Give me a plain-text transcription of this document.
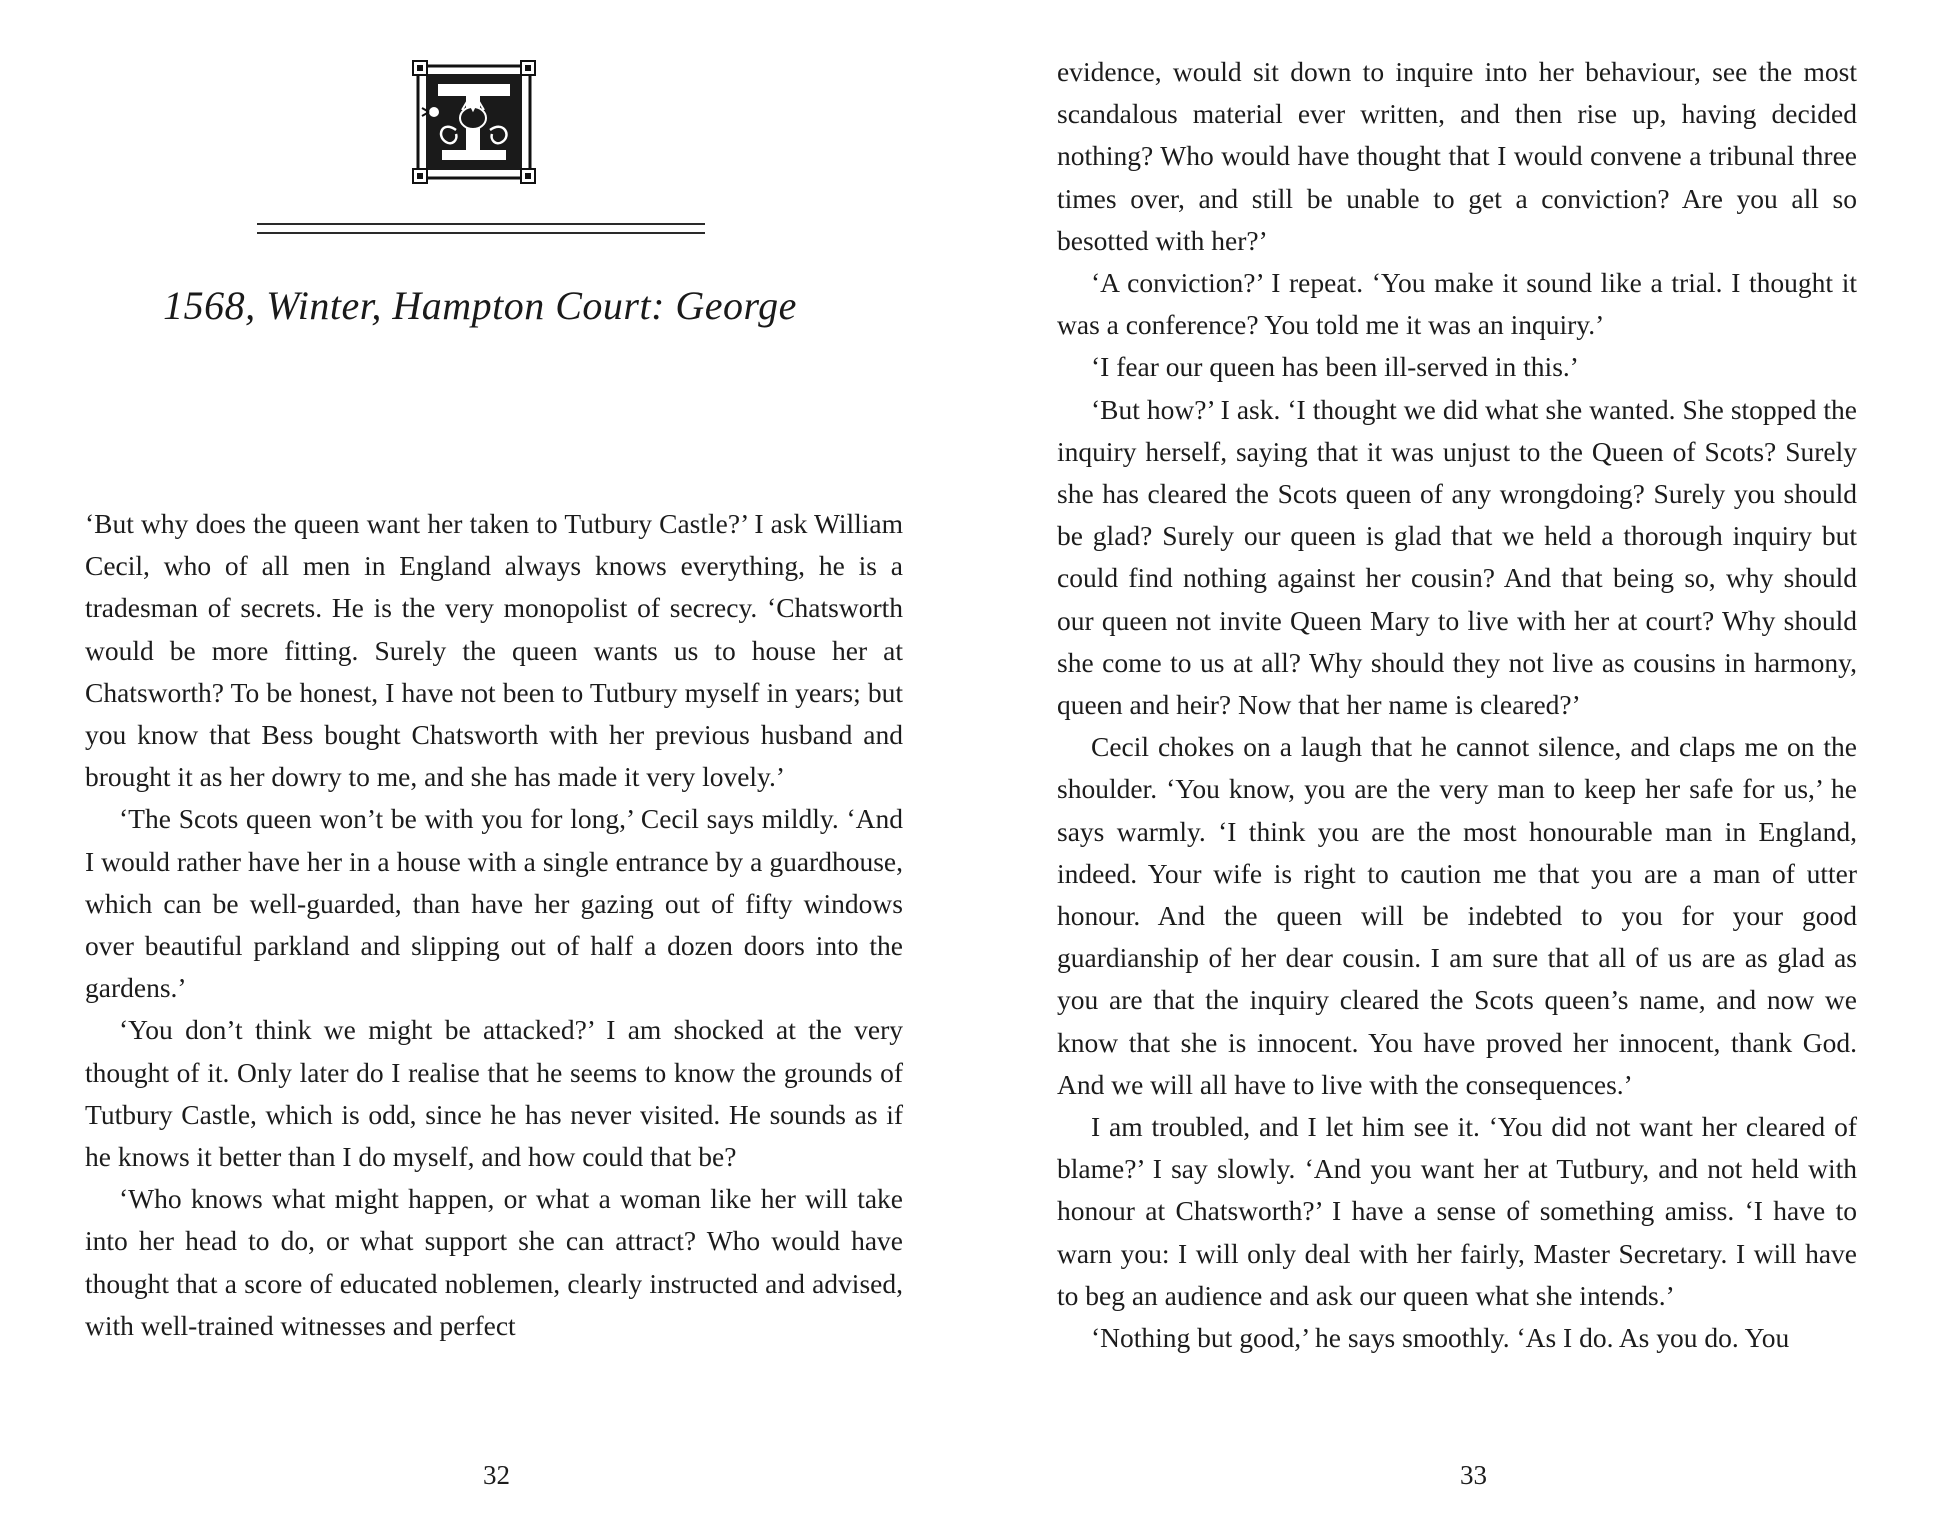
1568, Winter, Hampton Court: George

‘But why does the queen want her taken to Tutbury Castle?’ I ask William Cecil, who of all men in England always knows everything, he is a tradesman of secrets. He is the very monopolist of secrecy. ‘Chatsworth would be more fitting. Surely the queen wants us to house her at Chatsworth? To be honest, I have not been to Tutbury myself in years; but you know that Bess bought Chatsworth with her previous husband and brought it as her dowry to me, and she has made it very lovely.’

‘The Scots queen won’t be with you for long,’ Cecil says mildly. ‘And I would rather have her in a house with a single entrance by a guardhouse, which can be well-guarded, than have her gazing out of fifty windows over beautiful parkland and slipping out of half a dozen doors into the gardens.’

‘You don’t think we might be attacked?’ I am shocked at the very thought of it. Only later do I realise that he seems to know the grounds of Tutbury Castle, which is odd, since he has never visited. He sounds as if he knows it better than I do myself, and how could that be?

‘Who knows what might happen, or what a woman like her will take into her head to do, or what support she can attract? Who would have thought that a score of educated noblemen, clearly instructed and advised, with well-trained witnesses and perfect

32

evidence, would sit down to inquire into her behaviour, see the most scandalous material ever written, and then rise up, having decided nothing? Who would have thought that I would convene a tribunal three times over, and still be unable to get a conviction? Are you all so besotted with her?’

‘A conviction?’ I repeat. ‘You make it sound like a trial. I thought it was a conference? You told me it was an inquiry.’

‘I fear our queen has been ill-served in this.’

‘But how?’ I ask. ‘I thought we did what she wanted. She stopped the inquiry herself, saying that it was unjust to the Queen of Scots? Surely she has cleared the Scots queen of any wrongdoing? Surely you should be glad? Surely our queen is glad that we held a thorough inquiry but could find nothing against her cousin? And that being so, why should our queen not invite Queen Mary to live with her at court? Why should she come to us at all? Why should they not live as cousins in harmony, queen and heir? Now that her name is cleared?’

Cecil chokes on a laugh that he cannot silence, and claps me on the shoulder. ‘You know, you are the very man to keep her safe for us,’ he says warmly. ‘I think you are the most honourable man in England, indeed. Your wife is right to caution me that you are a man of utter honour. And the queen will be indebted to you for your good guardianship of her dear cousin. I am sure that all of us are as glad as you are that the inquiry cleared the Scots queen’s name, and now we know that she is innocent. You have proved her innocent, thank God. And we will all have to live with the consequences.’

I am troubled, and I let him see it. ‘You did not want her cleared of blame?’ I say slowly. ‘And you want her at Tutbury, and not held with honour at Chatsworth?’ I have a sense of something amiss. ‘I have to warn you: I will only deal with her fairly, Master Secretary. I will have to beg an audience and ask our queen what she intends.’

‘Nothing but good,’ he says smoothly. ‘As I do. As you do. You

33
